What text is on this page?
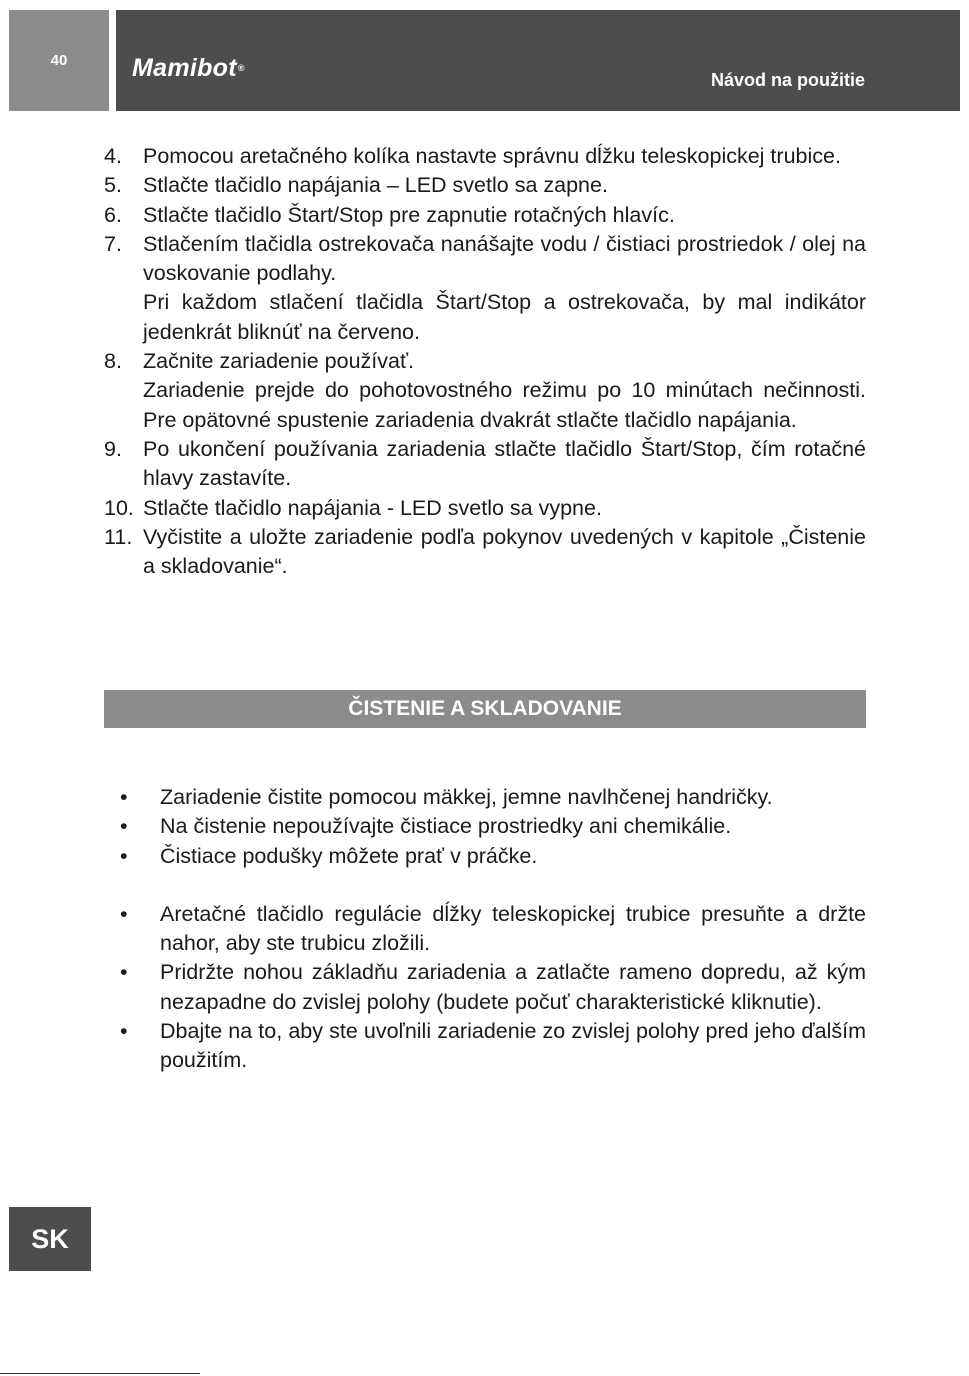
40	Mamibot®
Návod na použitie
4. Pomocou aretačného kolíka nastavte správnu dĺžku teleskopickej trubice.
5. Stlačte tlačidlo napájania – LED svetlo sa zapne.
6. Stlačte tlačidlo Štart/Stop pre zapnutie rotačných hlavíc.
7. Stlačením tlačidla ostrekovača nanášajte vodu / čistiaci prostriedok / olej na voskovanie podlahy.
Pri každom stlačení tlačidla Štart/Stop a ostrekovača, by mal indikátor jedenkrát bliknúť na červeno.
8. Začnite zariadenie používať.
Zariadenie prejde do pohotovostného režimu po 10 minútach nečinnosti. Pre opätovné spustenie zariadenia dvakrát stlačte tlačidlo napájania.
9. Po ukončení používania zariadenia stlačte tlačidlo Štart/Stop, čím rotačné hlavy zastavíte.
10. Stlačte tlačidlo napájania - LED svetlo sa vypne.
11. Vyčistite a uložte zariadenie podľa pokynov uvedených v kapitole „Čistenie a skladovanie“.
ČISTENIE A SKLADOVANIE
•	Zariadenie čistite pomocou mäkkej, jemne navlhčenej handričky.
•	Na čistenie nepoužívajte čistiace prostriedky ani chemikálie.
•	Čistiace podušky môžete prať v práčke.
•	Aretačné tlačidlo regulácie dĺžky teleskopickej trubice presuňte a držte nahor, aby ste trubicu zložili.
•	Pridržte nohou základňu zariadenia a zatlačte rameno dopredu, až kým nezapadne do zvislej polohy (budete počuť charakteristické kliknutie).
•	Dbajte na to, aby ste uvoľnili zariadenie zo zvislej polohy pred jeho ďalším použitím.
SK
